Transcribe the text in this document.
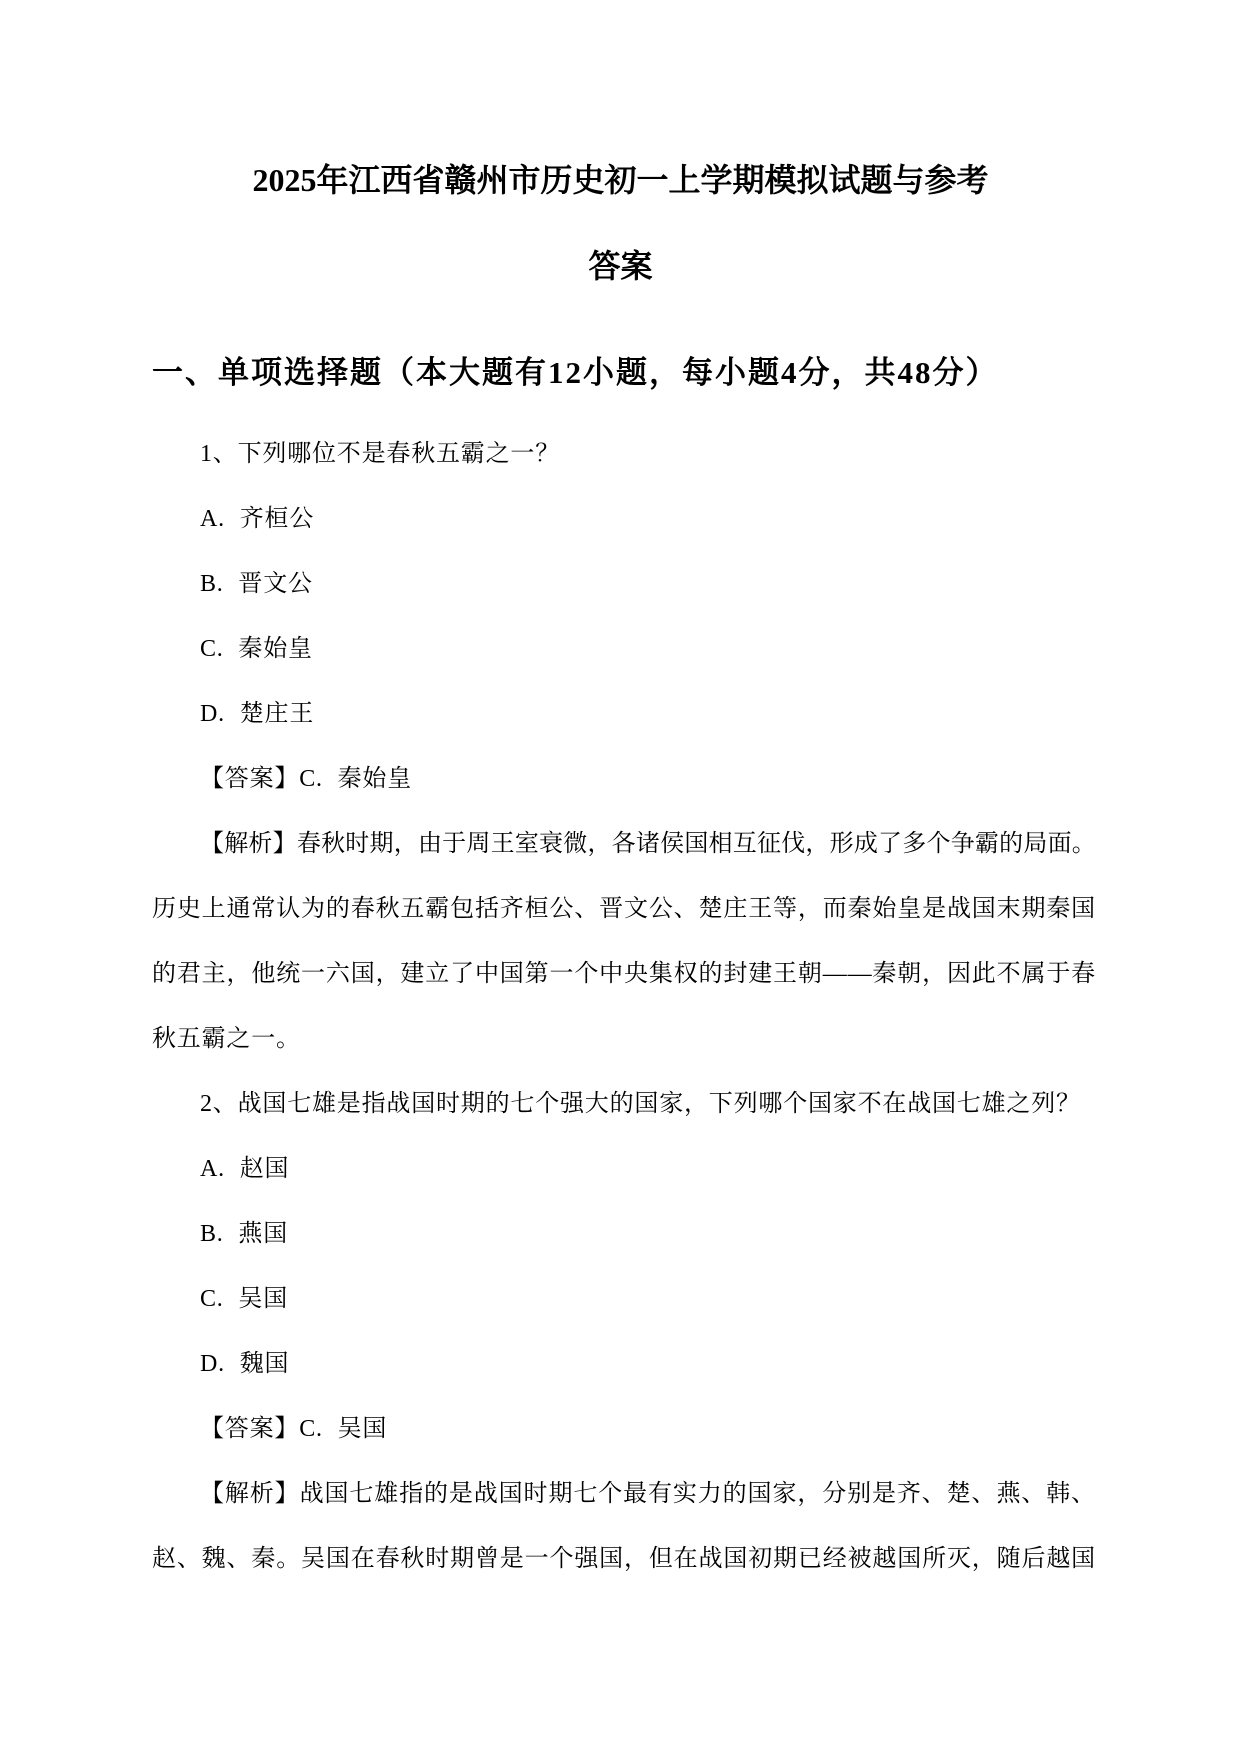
2025年江西省赣州市历史初一上学期模拟试题与参考
答案
一、单项选择题（本大题有12小题，每小题4分，共48分）
1、下列哪位不是春秋五霸之一？
A. 齐桓公
B. 晋文公
C. 秦始皇
D. 楚庄王
【答案】C. 秦始皇
【解析】春秋时期，由于周王室衰微，各诸侯国相互征伐，形成了多个争霸的局面。
历史上通常认为的春秋五霸包括齐桓公、晋文公、楚庄王等，而秦始皇是战国末期秦国
的君主，他统一六国，建立了中国第一个中央集权的封建王朝——秦朝，因此不属于春
秋五霸之一。
2、战国七雄是指战国时期的七个强大的国家，下列哪个国家不在战国七雄之列？
A. 赵国
B. 燕国
C. 吴国
D. 魏国
【答案】C. 吴国
【解析】战国七雄指的是战国时期七个最有实力的国家，分别是齐、楚、燕、韩、
赵、魏、秦。吴国在春秋时期曾是一个强国，但在战国初期已经被越国所灭，随后越国
